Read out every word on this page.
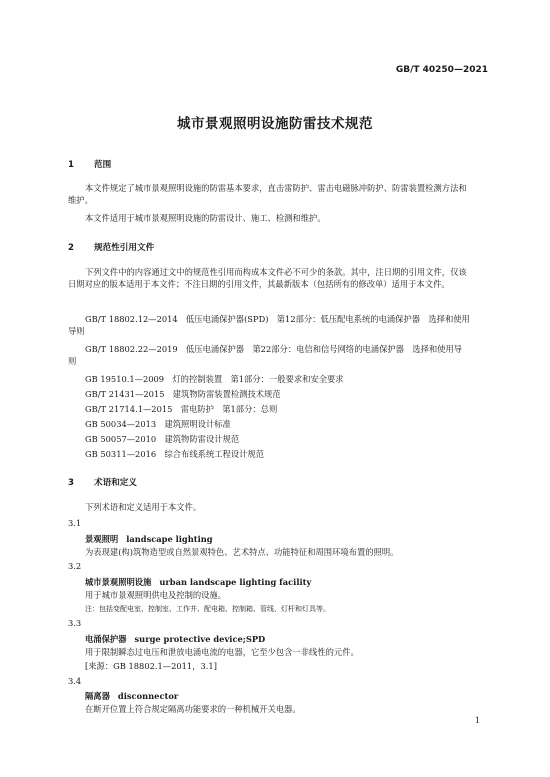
GB/T 40250—2021
城市景观照明设施防雷技术规范
1 范围
本文件规定了城市景观照明设施的防雷基本要求，直击雷防护、雷击电磁脉冲防护、防雷装置检测方法和维护。
本文件适用于城市景观照明设施的防雷设计、施工、检测和维护。
2 规范性引用文件
下列文件中的内容通过文中的规范性引用而构成本文件必不可少的条款。其中，注日期的引用文件，仅该日期对应的版本适用于本文件；不注日期的引用文件，其最新版本（包括所有的修改单）适用于本文件。
GB/T 18802.12—2014　低压电涌保护器(SPD)　第12部分：低压配电系统的电涌保护器　选择和使用导则
GB/T 18802.22—2019　低压电涌保护器　第22部分：电信和信号网络的电涌保护器　选择和使用导则
GB 19510.1—2009　灯的控制装置　第1部分：一般要求和安全要求
GB/T 21431—2015　建筑物防雷装置检测技术规范
GB/T 21714.1—2015　雷电防护　第1部分：总则
GB 50034—2013　建筑照明设计标准
GB 50057—2010　建筑物防雷设计规范
GB 50311—2016　综合布线系统工程设计规范
3 术语和定义
下列术语和定义适用于本文件。
3.1
景观照明 landscape lighting
为表现建(构)筑物造型或自然景观特色、艺术特点、功能特征和周围环境布置的照明。
3.2
城市景观照明设施 urban landscape lighting facility
用于城市景观照明供电及控制的设施。
注：包括变配电室、控制室、工作井、配电箱、控制箱、管线、灯杆和灯具等。
3.3
电涌保护器 surge protective device;SPD
用于限制瞬态过电压和泄放电涌电流的电器，它至少包含一非线性的元件。
[来源：GB 18802.1—2011，3.1]
3.4
隔离器 disconnector
在断开位置上符合规定隔离功能要求的一种机械开关电器。
1
